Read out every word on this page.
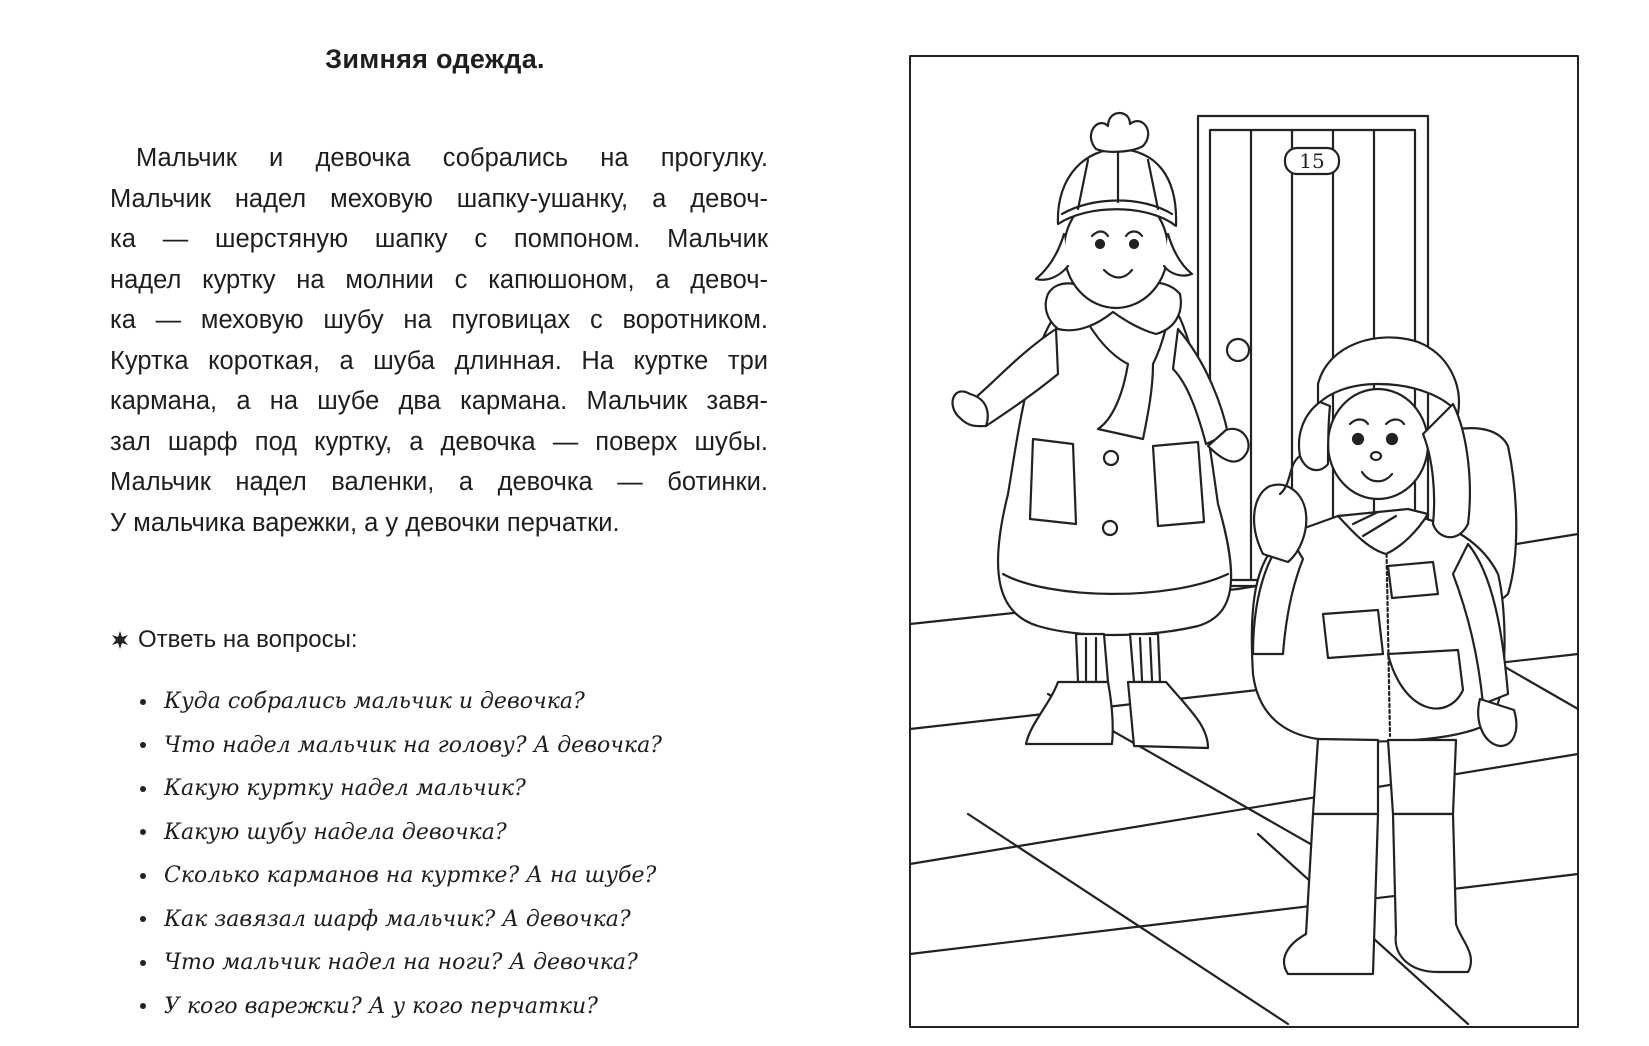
Зимняя одежда.
Мальчик и девочка собрались на прогулку.
Мальчик надел меховую шапку-ушанку, а девоч-
ка — шерстяную шапку с помпоном. Мальчик
надел куртку на молнии с капюшоном, а девоч-
ка — меховую шубу на пуговицах с воротником.
Куртка короткая, а шуба длинная. На куртке три
кармана, а на шубе два кармана. Мальчик завя-
зал шарф под куртку, а девочка — поверх шубы.
Мальчик надел валенки, а девочка — ботинки.
У мальчика варежки, а у девочки перчатки.
Ответь на вопросы:
Куда собрались мальчик и девочка?
Что надел мальчик на голову? А девочка?
Какую куртку надел мальчик?
Какую шубу надела девочка?
Сколько карманов на куртке? А на шубе?
Как завязал шарф мальчик? А девочка?
Что мальчик надел на ноги? А девочка?
У кого варежки? А у кого перчатки?
15
